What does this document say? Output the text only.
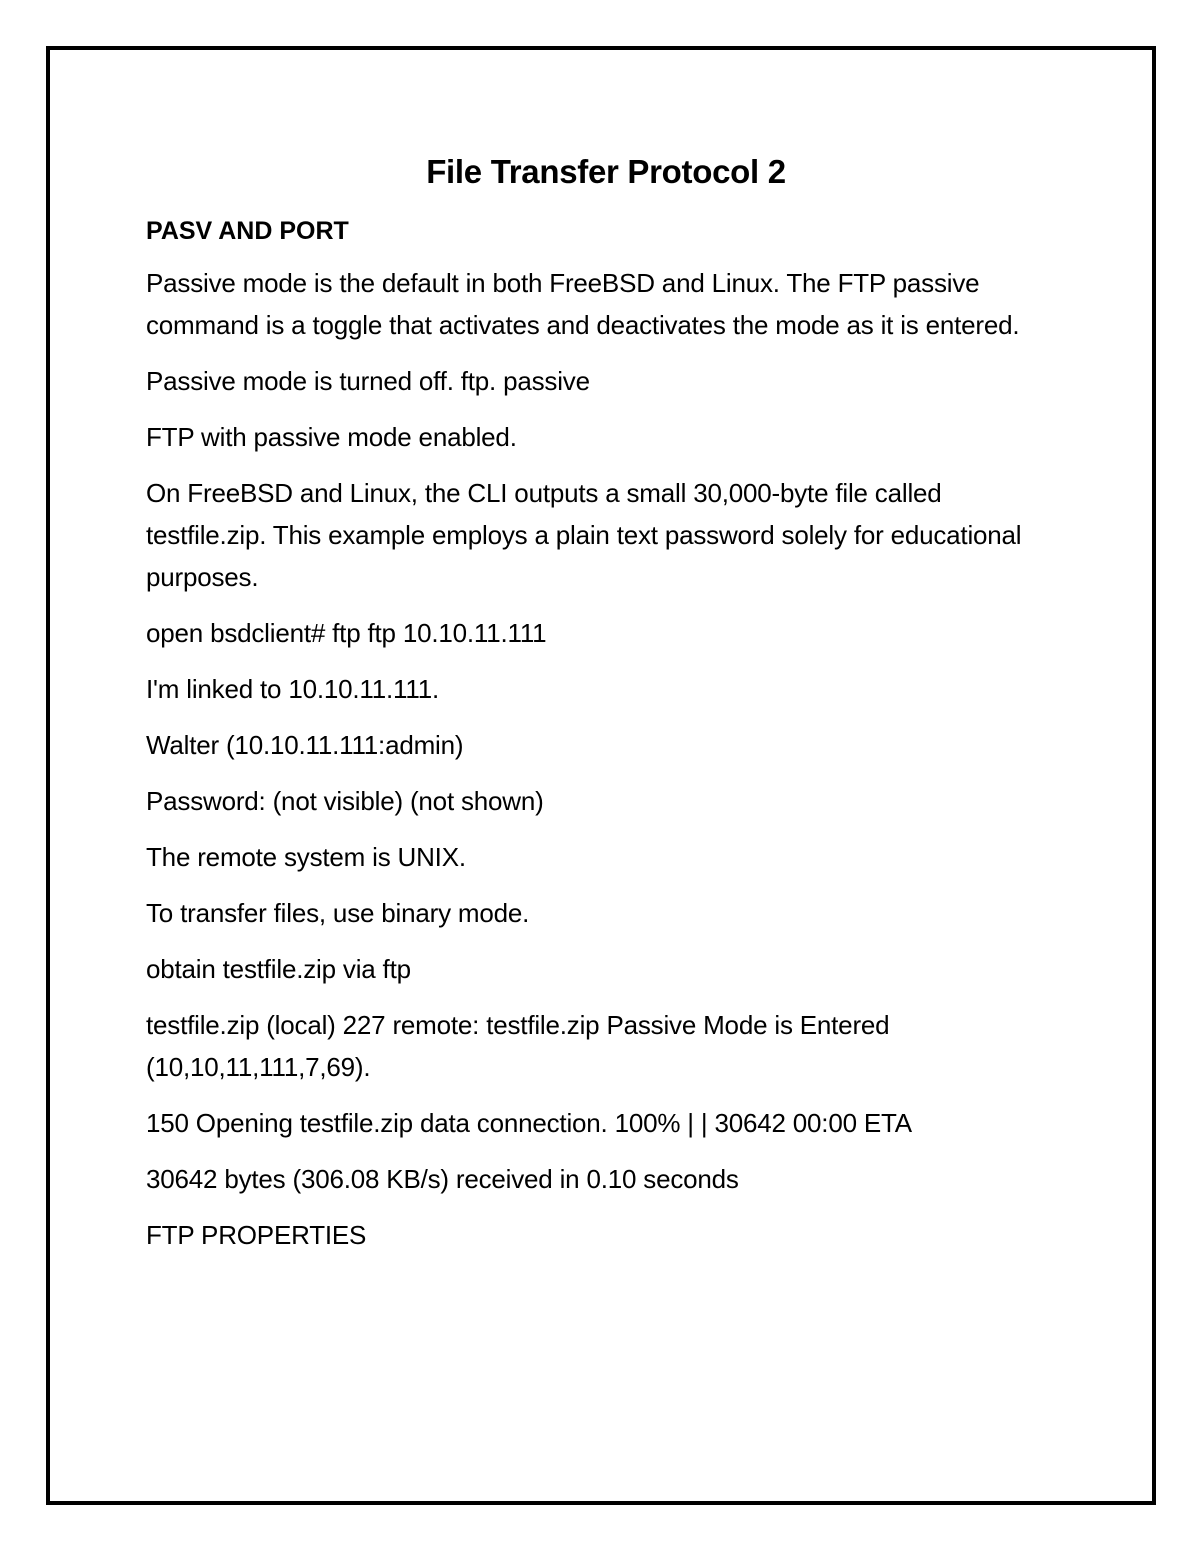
File Transfer Protocol 2
PASV AND PORT

Passive mode is the default in both FreeBSD and Linux. The FTP passive command is a toggle that activates and deactivates the mode as it is entered.

Passive mode is turned off. ftp. passive

FTP with passive mode enabled.

On FreeBSD and Linux, the CLI outputs a small 30,000-byte file called testfile.zip. This example employs a plain text password solely for educational purposes.

open bsdclient# ftp ftp 10.10.11.111

I'm linked to 10.10.11.111.

Walter (10.10.11.111:admin)

Password: (not visible) (not shown)

The remote system is UNIX.

To transfer files, use binary mode.

obtain testfile.zip via ftp

testfile.zip (local) 227 remote: testfile.zip Passive Mode is Entered (10,10,11,111,7,69).

150 Opening testfile.zip data connection. 100% | | 30642 00:00 ETA

30642 bytes (306.08 KB/s) received in 0.10 seconds

FTP PROPERTIES
